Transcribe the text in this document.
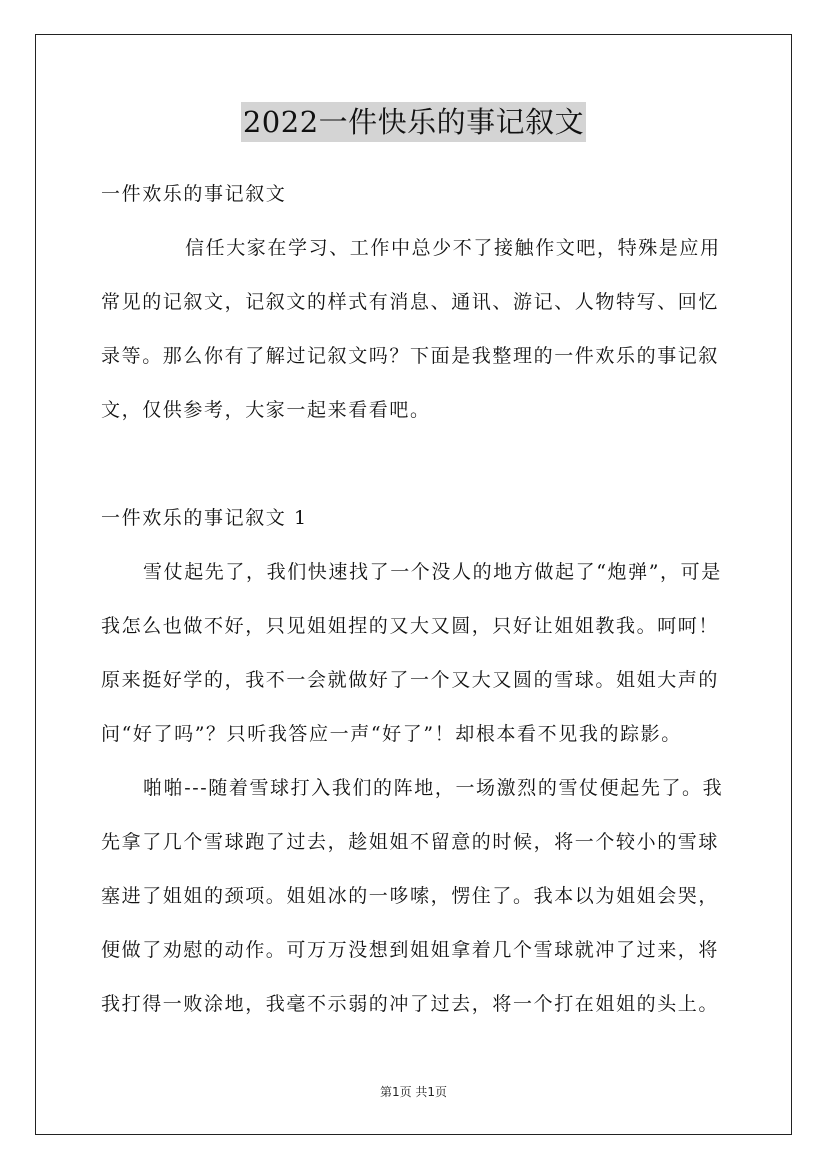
2022一件快乐的事记叙文
一件欢乐的事记叙文
信任大家在学习、工作中总少不了接触作文吧，特殊是应用
常见的记叙文，记叙文的样式有消息、通讯、游记、人物特写、回忆
录等。那么你有了解过记叙文吗？下面是我整理的一件欢乐的事记叙
文，仅供参考，大家一起来看看吧。
一件欢乐的事记叙文 1
雪仗起先了，我们快速找了一个没人的地方做起了“炮弹”，可是
我怎么也做不好，只见姐姐捏的又大又圆，只好让姐姐教我。呵呵！
原来挺好学的，我不一会就做好了一个又大又圆的雪球。姐姐大声的
问“好了吗”？只听我答应一声“好了”！却根本看不见我的踪影。
啪啪---随着雪球打入我们的阵地，一场激烈的雪仗便起先了。我
先拿了几个雪球跑了过去，趁姐姐不留意的时候，将一个较小的雪球
塞进了姐姐的颈项。姐姐冰的一哆嗦，愣住了。我本以为姐姐会哭，
便做了劝慰的动作。可万万没想到姐姐拿着几个雪球就冲了过来，将
我打得一败涂地，我毫不示弱的冲了过去，将一个打在姐姐的头上。
第1页 共1页
